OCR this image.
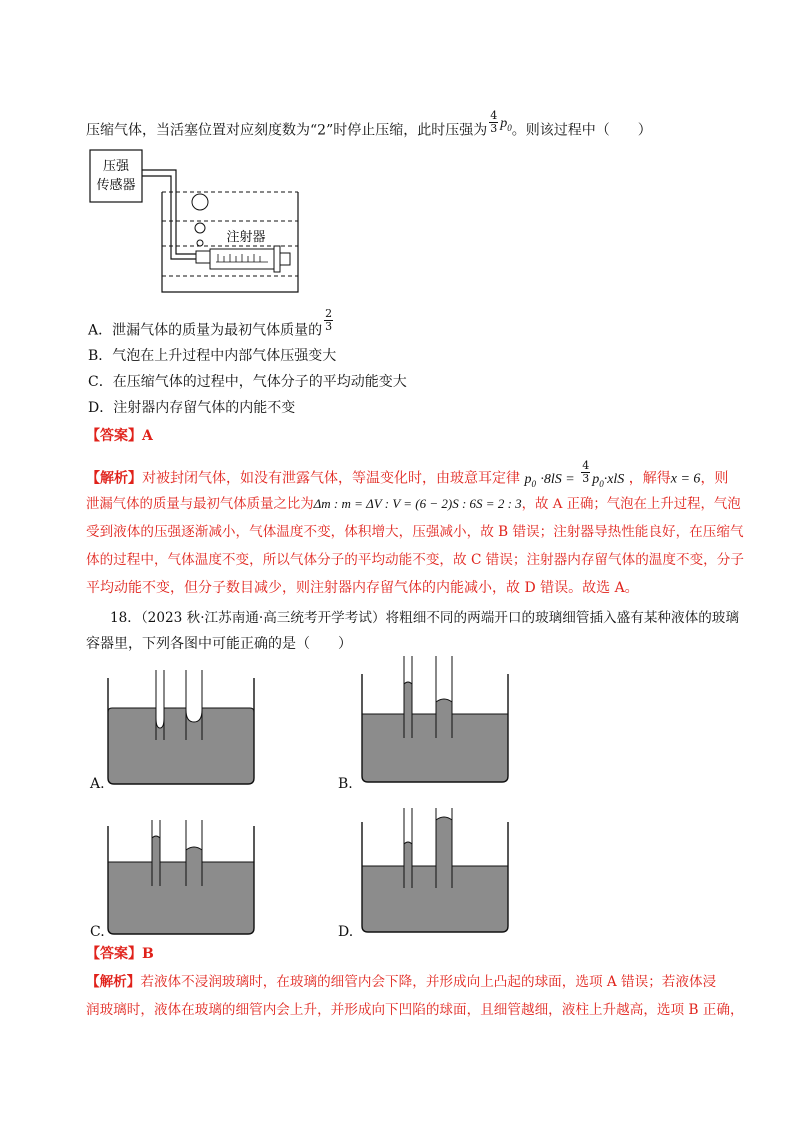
压缩气体，当活塞位置对应刻度数为“2”时停止压缩，此时压强为 $\frac{4}{3} p_0$。则该过程中（　　）
压强
传感器
注射器
A．泄漏气体的质量为最初气体质量的 $\frac{2}{3}$
B．气泡在上升过程中内部气体压强变大
C．在压缩气体的过程中，气体分子的平均动能变大
D．注射器内存留气体的内能不变
【答案】A
【解析】对被封闭气体，如没有泄露气体，等温变化时，由玻意耳定律 $p_0 \cdot 8lS = \frac{4}{3} p_0\cdot xlS$ ，解得x = 6，则
泄漏气体的质量与最初气体质量之比为Δm : m = ΔV : V = (6 − 2)S : 6S = 2 : 3，故 A 正确；气泡在上升过程，气泡
受到液体的压强逐渐减小，气体温度不变，体积增大，压强减小，故 B 错误；注射器导热性能良好，在压缩气
体的过程中，气体温度不变，所以气体分子的平均动能不变，故 C 错误；注射器内存留气体的温度不变，分子
平均动能不变，但分子数目减少，则注射器内存留气体的内能减小，故 D 错误。故选 A。
18．（2023 秋·江苏南通·高三统考开学考试）将粗细不同的两端开口的玻璃细管插入盛有某种液体的玻璃
容器里，下列各图中可能正确的是（　　）
A.	B.
C.	D.
【答案】B
【解析】若液体不浸润玻璃时，在玻璃的细管内会下降，并形成向上凸起的球面，选项 A 错误；若液体浸
润玻璃时，液体在玻璃的细管内会上升，并形成向下凹陷的球面，且细管越细，液柱上升越高，选项 B 正确，
